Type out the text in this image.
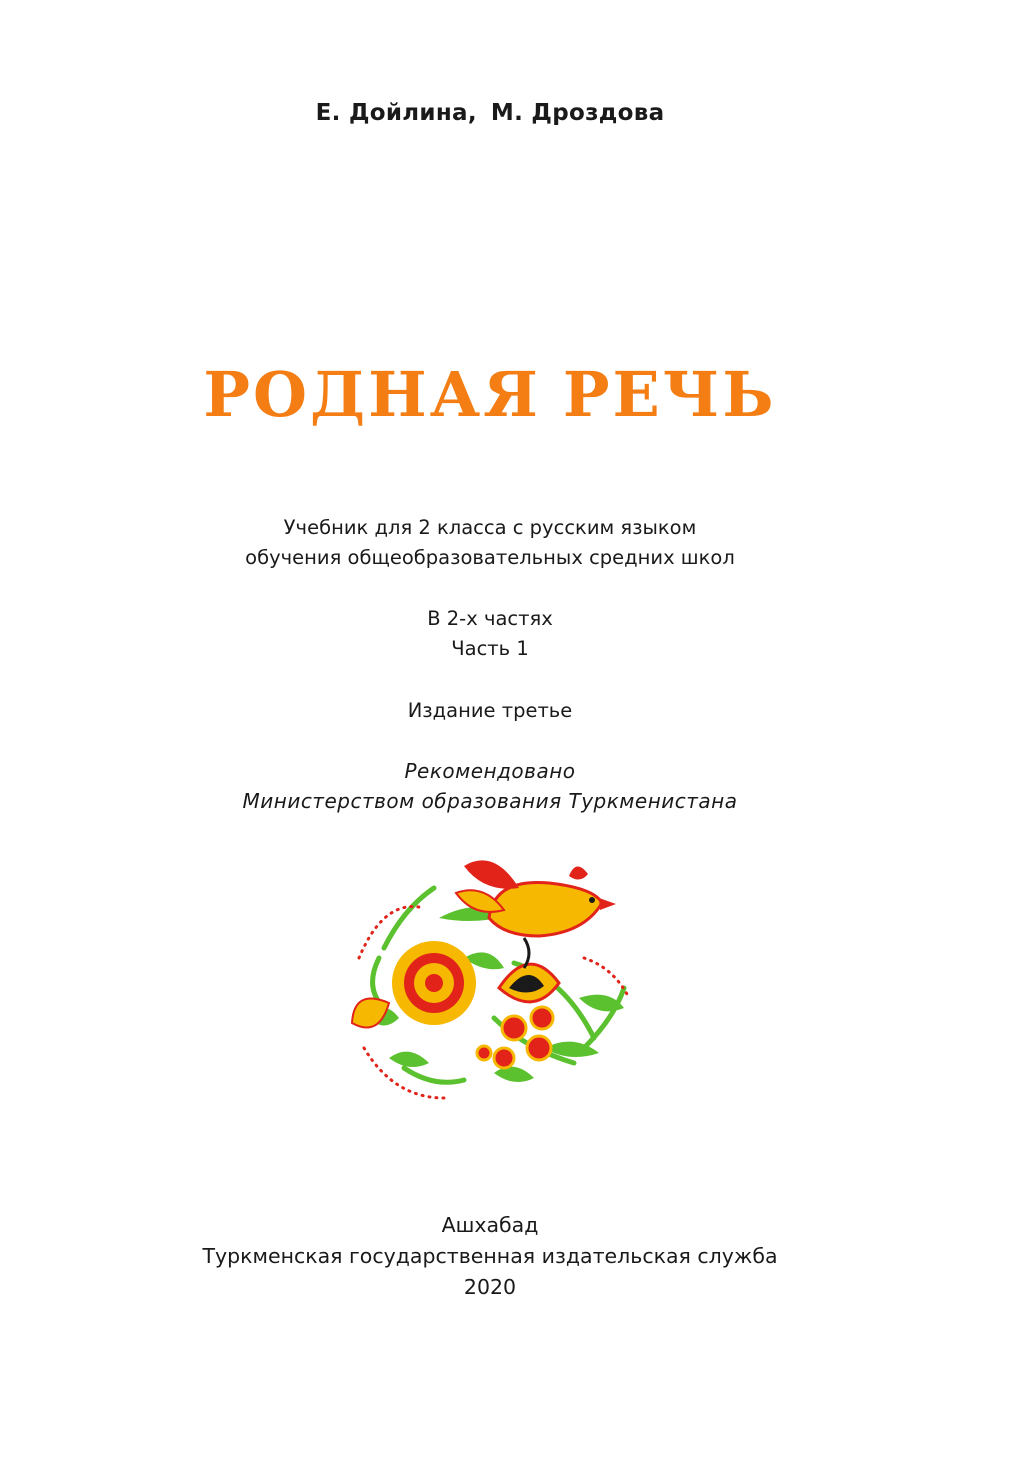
Е. Дойлина, М. Дроздова
РОДНАЯ РЕЧЬ
Учебник для 2 класса с русским языком
обучения общеобразовательных средних школ
В 2-х частях
Часть 1
Издание третье
Рекомендовано
Министерством образования Туркменистана
Ашхабад
Туркменская государственная издательская служба
2020
